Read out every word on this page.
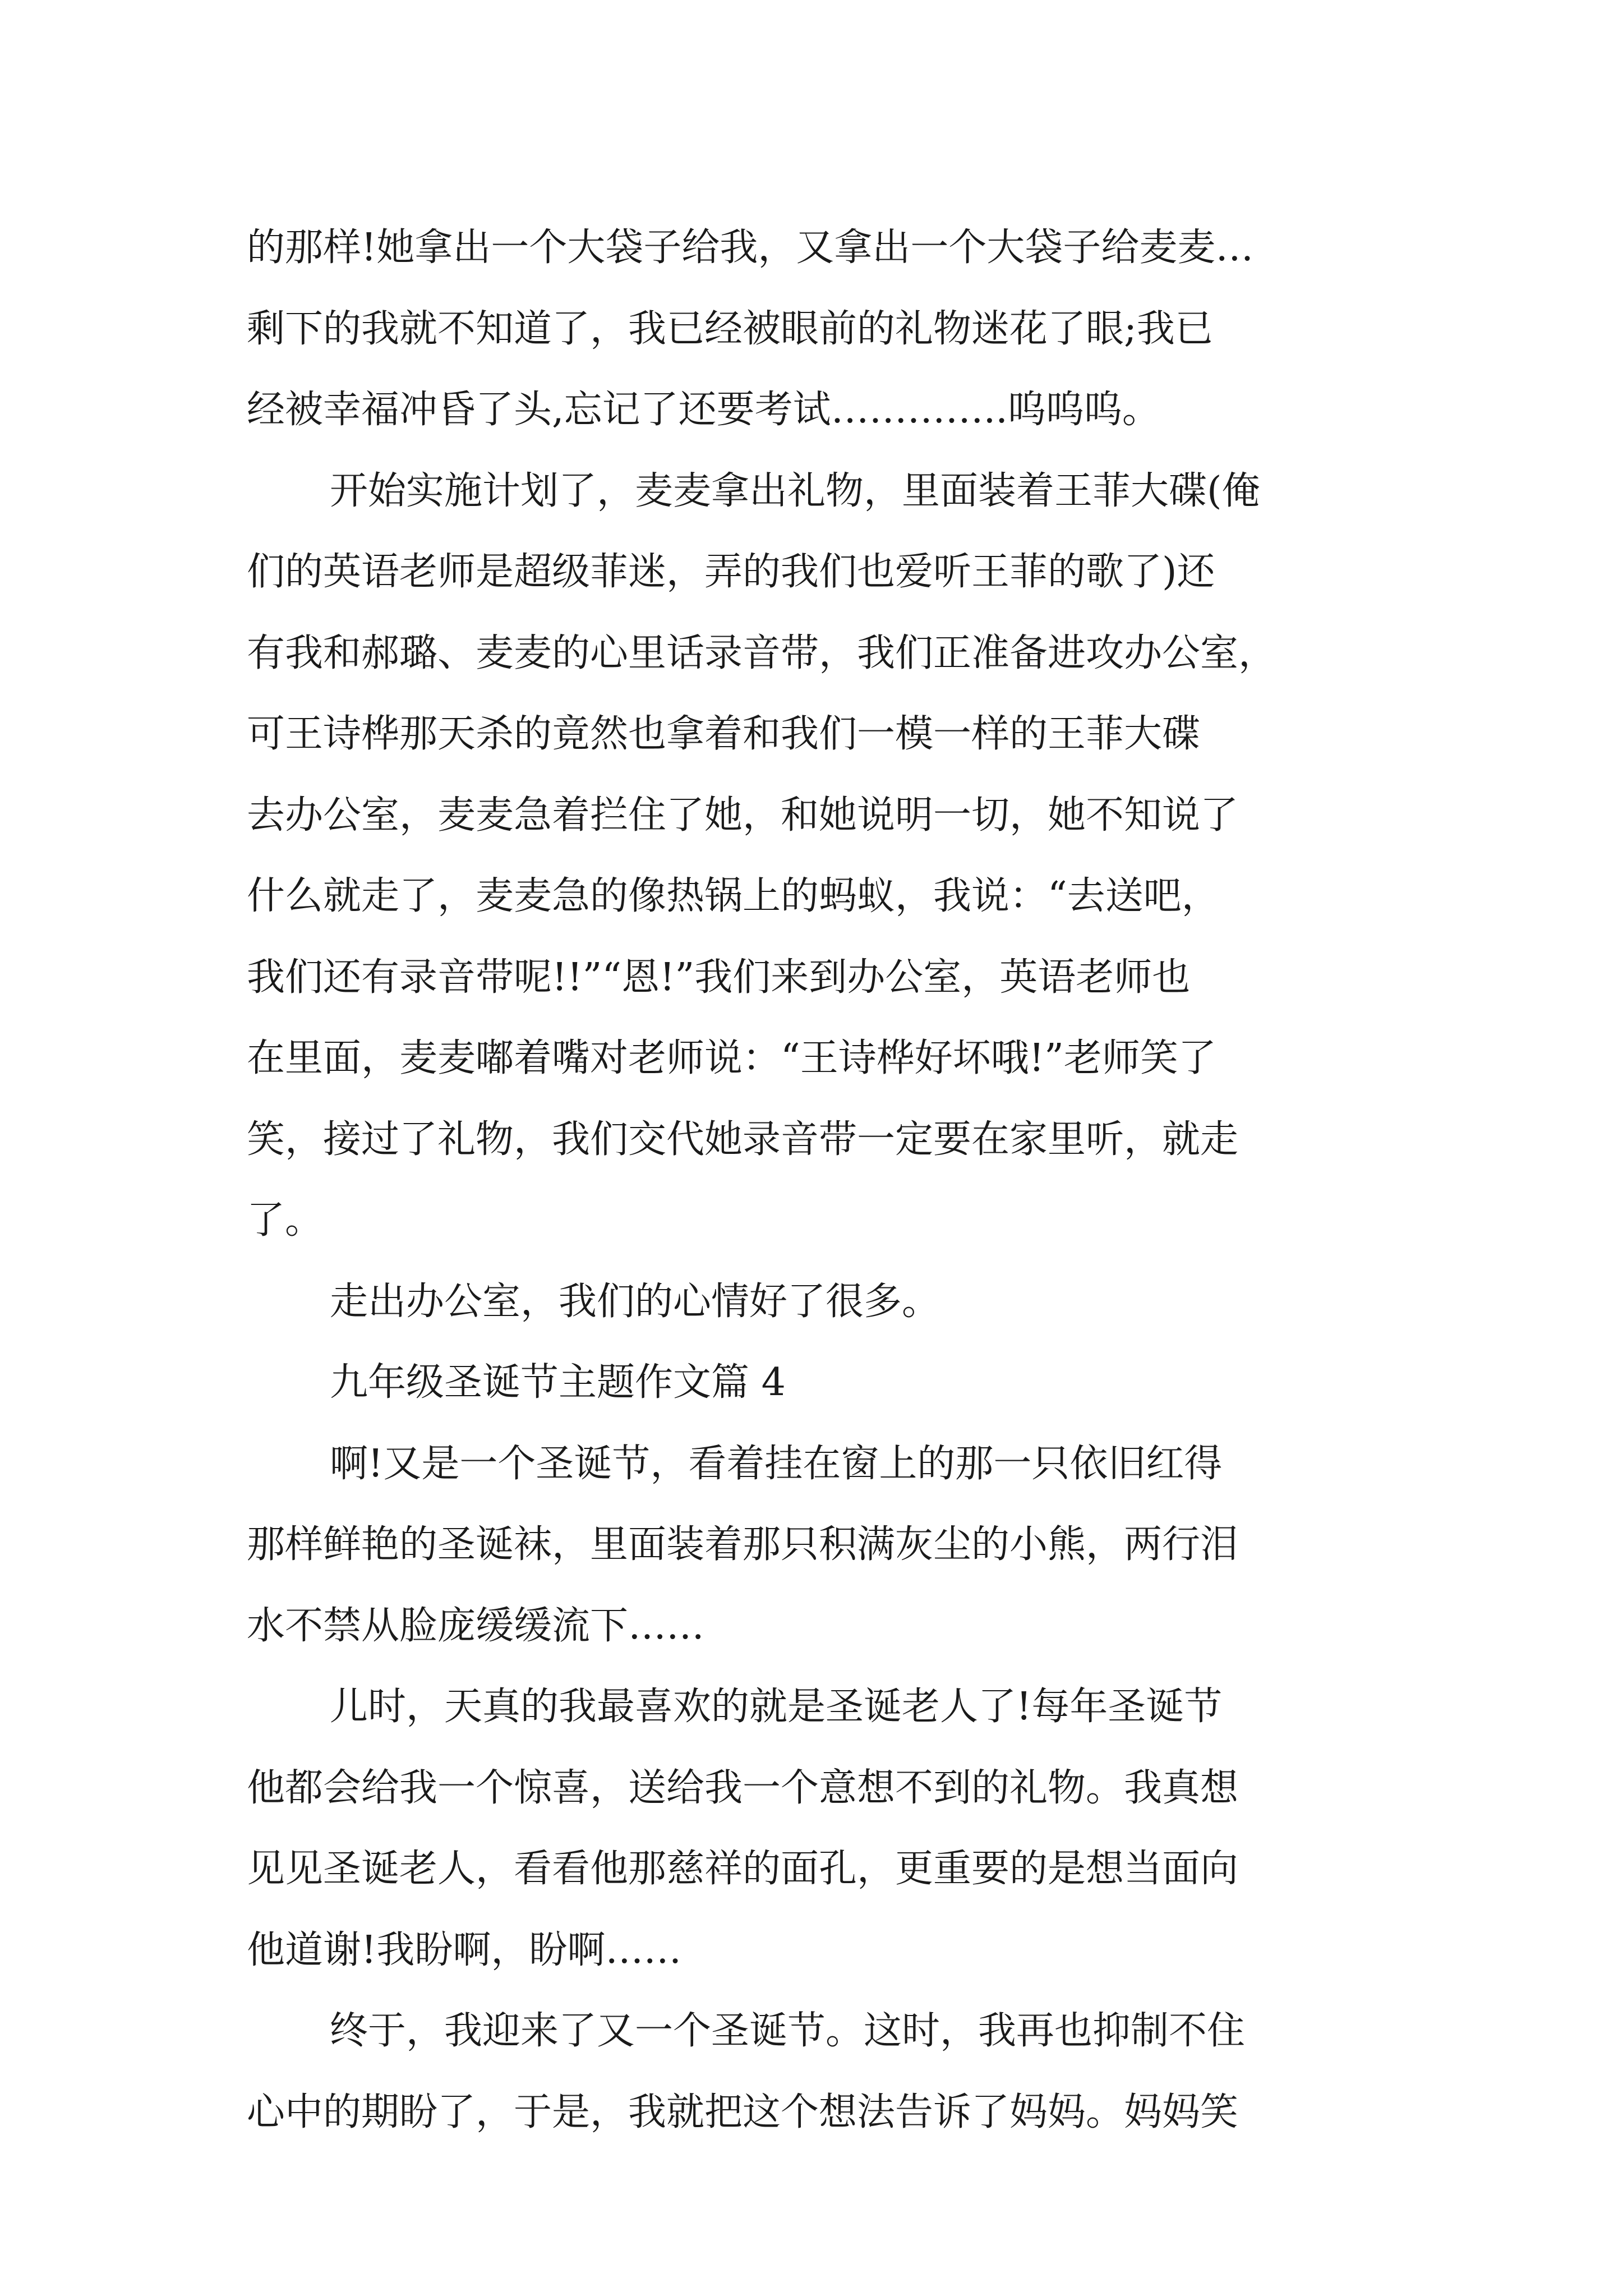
的那样!她拿出一个大袋子给我，又拿出一个大袋子给麦麦…
剩下的我就不知道了，我已经被眼前的礼物迷花了眼;我已
经被幸福冲昏了头,忘记了还要考试…………..呜呜呜。
开始实施计划了，麦麦拿出礼物，里面装着王菲大碟(俺
们的英语老师是超级菲迷，弄的我们也爱听王菲的歌了)还
有我和郝璐、麦麦的心里话录音带，我们正准备进攻办公室，
可王诗桦那天杀的竟然也拿着和我们一模一样的王菲大碟
去办公室，麦麦急着拦住了她，和她说明一切，她不知说了
什么就走了，麦麦急的像热锅上的蚂蚁，我说：“去送吧，
我们还有录音带呢!!”“恩!”我们来到办公室，英语老师也
在里面，麦麦嘟着嘴对老师说：“王诗桦好坏哦!”老师笑了
笑，接过了礼物，我们交代她录音带一定要在家里听，就走
了。
走出办公室，我们的心情好了很多。
九年级圣诞节主题作文篇 4
啊!又是一个圣诞节，看着挂在窗上的那一只依旧红得
那样鲜艳的圣诞袜，里面装着那只积满灰尘的小熊，两行泪
水不禁从脸庞缓缓流下……
儿时，天真的我最喜欢的就是圣诞老人了!每年圣诞节
他都会给我一个惊喜，送给我一个意想不到的礼物。我真想
见见圣诞老人，看看他那慈祥的面孔，更重要的是想当面向
他道谢!我盼啊，盼啊……
终于，我迎来了又一个圣诞节。这时，我再也抑制不住
心中的期盼了，于是，我就把这个想法告诉了妈妈。妈妈笑
